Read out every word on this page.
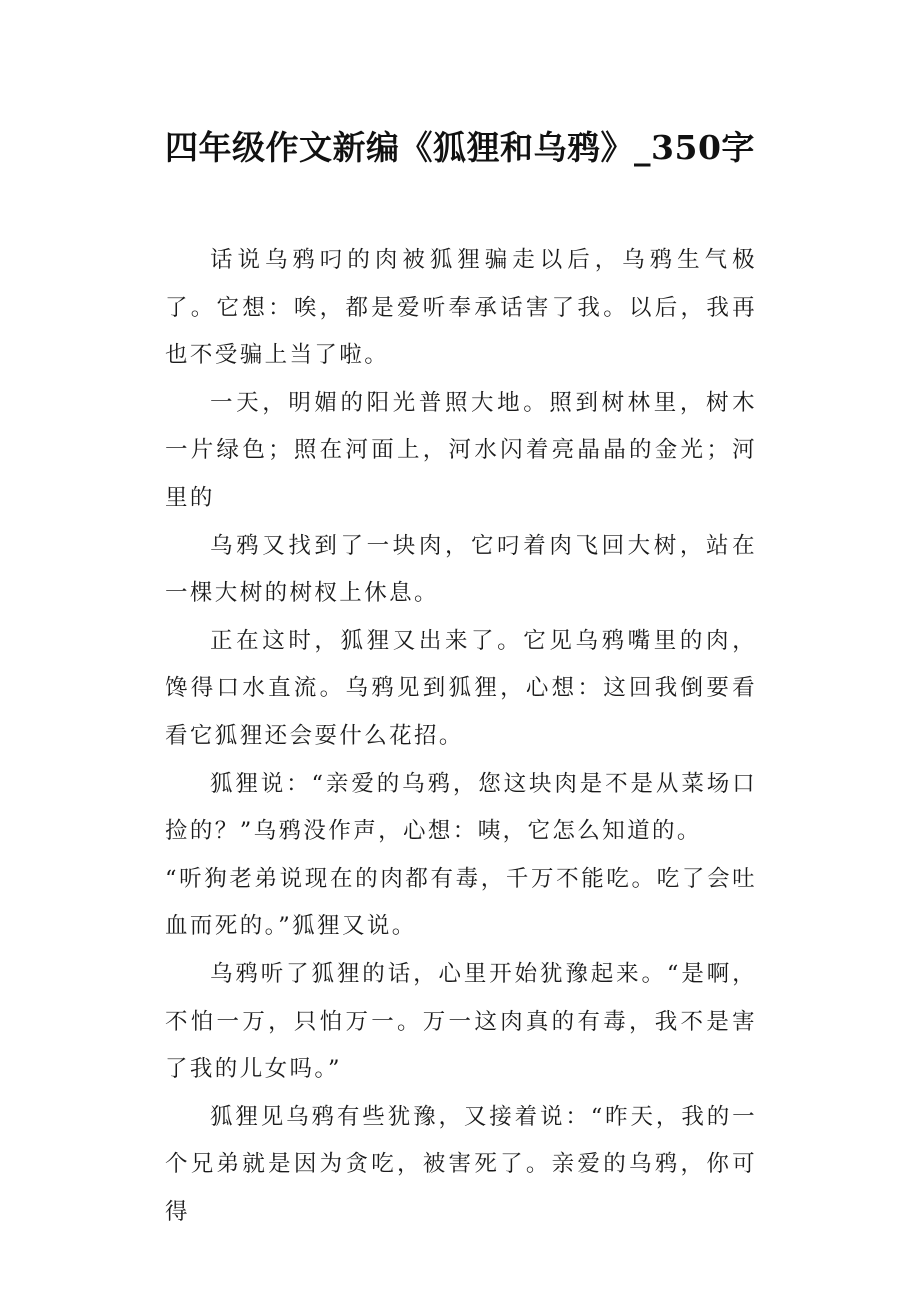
四年级作文新编《狐狸和乌鸦》_350字

话说乌鸦叼的肉被狐狸骗走以后，乌鸦生气极了。它想：唉，都是爱听奉承话害了我。以后，我再也不受骗上当了啦。

一天，明媚的阳光普照大地。照到树林里，树木一片绿色；照在河面上，河水闪着亮晶晶的金光；河里的

乌鸦又找到了一块肉，它叼着肉飞回大树，站在一棵大树的树杈上休息。

正在这时，狐狸又出来了。它见乌鸦嘴里的肉，馋得口水直流。乌鸦见到狐狸，心想：这回我倒要看看它狐狸还会耍什么花招。

狐狸说：“亲爱的乌鸦，您这块肉是不是从菜场口捡的？”乌鸦没作声，心想：咦，它怎么知道的。

“听狗老弟说现在的肉都有毒，千万不能吃。吃了会吐血而死的。”狐狸又说。

乌鸦听了狐狸的话，心里开始犹豫起来。“是啊，不怕一万，只怕万一。万一这肉真的有毒，我不是害了我的儿女吗。”

狐狸见乌鸦有些犹豫，又接着说：“昨天，我的一个兄弟就是因为贪吃，被害死了。亲爱的乌鸦，你可得
